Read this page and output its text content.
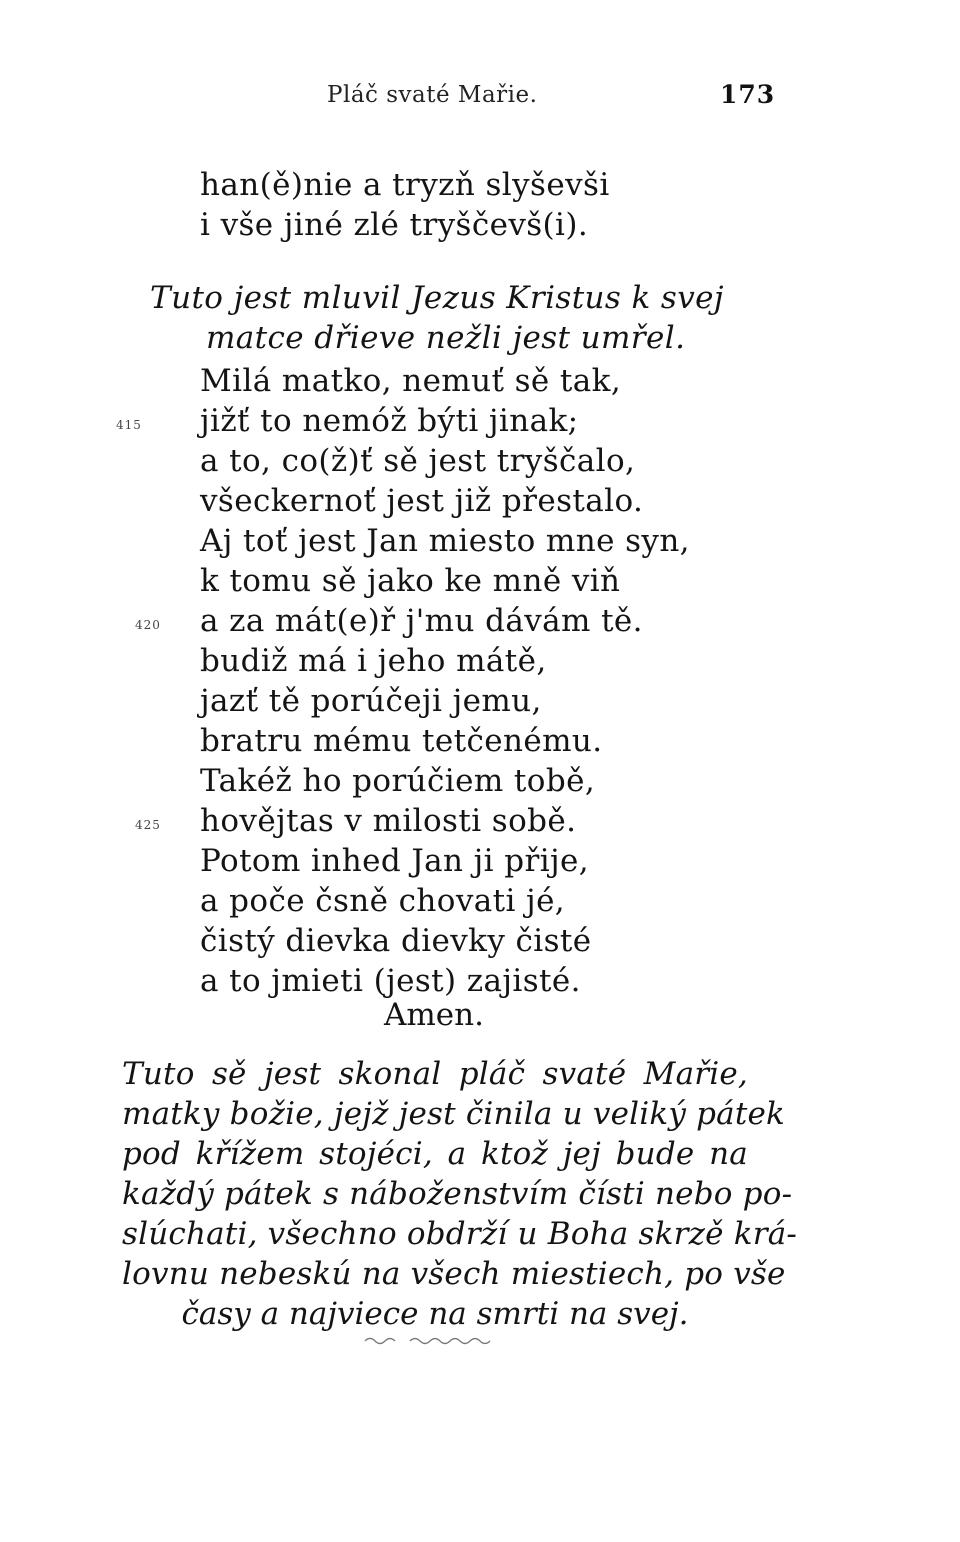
Pláč svaté Mařie.	173
han(ě)nie a tryzň slyševši
i vše jiné zlé tryščevš(i).
Tuto jest mluvil Jezus Kristus k svej
matce dřieve nežli jest umřel.
Milá matko, nemuť sě tak,
jižť to nemóž býti jinak;
a to, co(ž)ť sě jest tryščalo,
všeckernoť jest již přestalo.
Aj toť jest Jan miesto mne syn,
k tomu sě jako ke mně viň
a za mát(e)ř j'mu dávám tě.
budiž má i jeho mátě,
jazť tě porúčeji jemu,
bratru mému tetčenému.
Takéž ho porúčiem tobě,
hovějtas v milosti sobě.
Potom inhed Jan ji přije,
a poče čsně chovati jé,
čistý dievka dievky čisté
a to jmieti (jest) zajisté.
415
420
425
Amen.
Tuto sě jest skonal pláč svaté Mařie,
matky božie, jejž jest činila u veliký pátek
pod křížem stojéci, a ktož jej bude na
každý pátek s náboženstvím čísti nebo po-
slúchati, všechno obdrží u Boha skrzě krá-
lovnu nebeskú na všech miestiech, po vše
časy a najviece na smrti na svej.
